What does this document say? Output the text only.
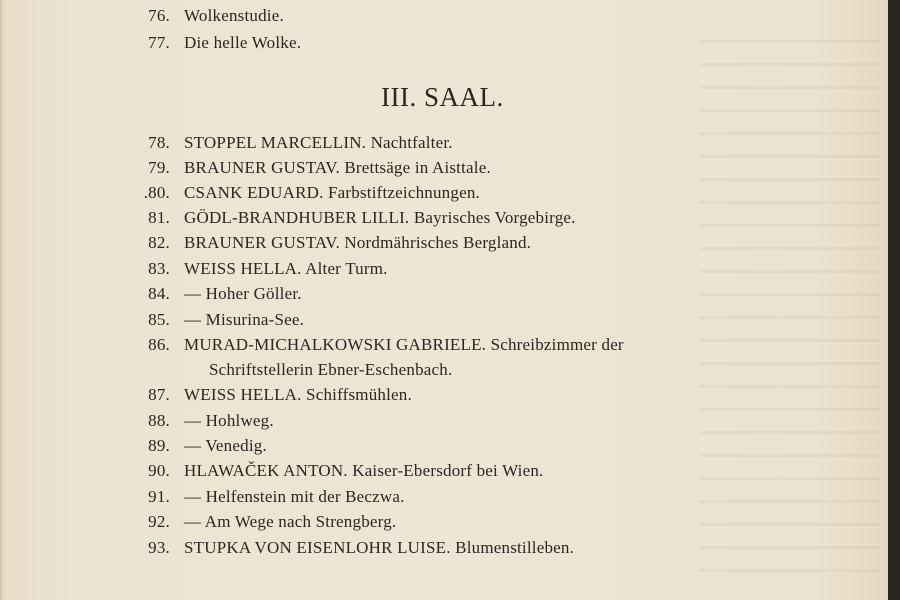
76. Wolkenstudie.
77. Die helle Wolke.
III. SAAL.
78. STOPPEL MARCELLIN. Nachtfalter.
79. BRAUNER GUSTAV. Brettsäge in Aisttale.
.80. CSANK EDUARD. Farbstiftzeichnungen.
81. GÖDL-BRANDHUBER LILLI. Bayrisches Vorgebirge.
82. BRAUNER GUSTAV. Nordmährisches Bergland.
83. WEISS HELLA. Alter Turm.
84. — Hoher Göller.
85. — Misurina-See.
86. MURAD-MICHALKOWSKI GABRIELE. Schreibzimmer der
Schriftstellerin Ebner-Eschenbach.
87. WEISS HELLA. Schiffsmühlen.
88. — Hohlweg.
89. — Venedig.
90. HLAWAČEK ANTON. Kaiser-Ebersdorf bei Wien.
91. — Helfenstein mit der Beczwa.
92. — Am Wege nach Strengberg.
93. STUPKA VON EISENLOHR LUISE. Blumenstilleben.
